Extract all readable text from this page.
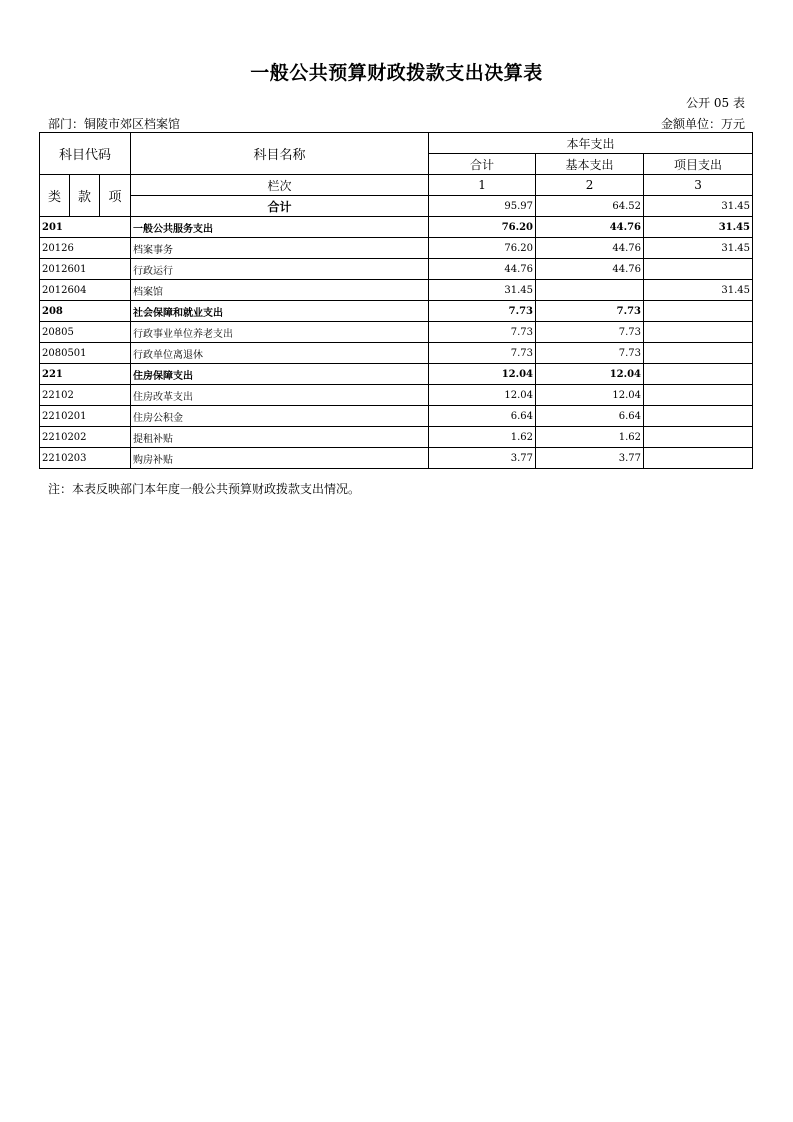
一般公共预算财政拨款支出决算表
公开 05 表
部门：铜陵市郊区档案馆	金额单位：万元
科目代码			科目名称	本年支出		
				合计	基本支出	项目支出
类	款	项	栏次	1	2	3
			合计	95.97	64.52	31.45
201			一般公共服务支出	76.20	44.76	31.45
20126			档案事务	76.20	44.76	31.45
2012601			行政运行	44.76	44.76	
2012604			档案馆	31.45		31.45
208			社会保障和就业支出	7.73	7.73	
20805			行政事业单位养老支出	7.73	7.73	
2080501			行政单位离退休	7.73	7.73	
221			住房保障支出	12.04	12.04	
22102			住房改革支出	12.04	12.04	
2210201			住房公积金	6.64	6.64	
2210202			提租补贴	1.62	1.62	
2210203			购房补贴	3.77	3.77	
注：本表反映部门本年度一般公共预算财政拨款支出情况。
